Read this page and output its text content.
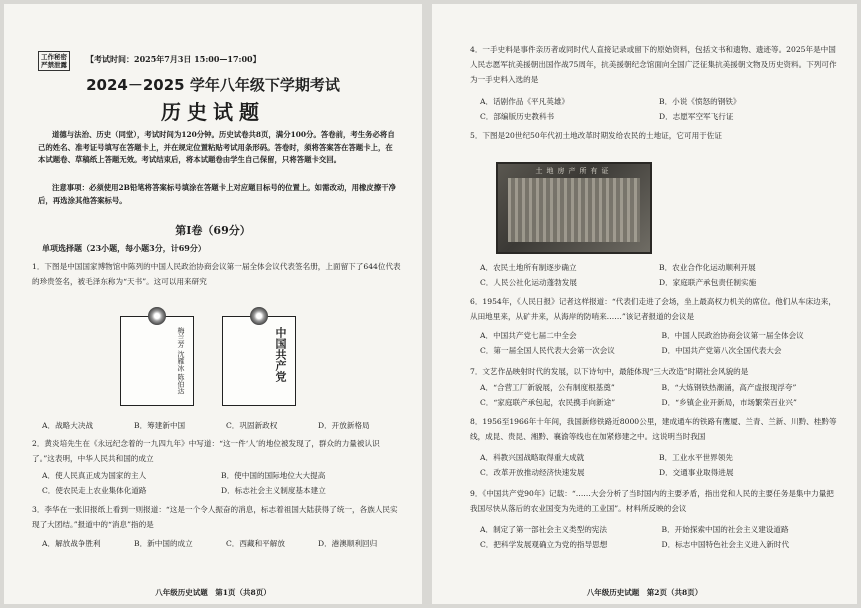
工作秘密
严禁泄露
【考试时间：2025年7月3日 15:00—17:00】
2024－2025 学年八年级下学期考试
历史试题
道德与法治、历史（同堂），考试时间为120分钟。历史试卷共8页，满分100分。答卷前，考生务必将自己的姓名、准考证号填写在答题卡上，并在规定位置粘贴考试用条形码。答卷时，须将答案答在答题卡上，在本试题卷、草稿纸上答题无效。考试结束后，将本试题卷由学生自己保留，只将答题卡交回。
注意事项：必须使用2B铅笔将答案标号填涂在答题卡上对应题目标号的位置上。如需改动，用橡皮擦干净后，再选涂其他答案标号。
第Ⅰ卷（69分）
单项选择题（23小题，每小题3分，计69分）
1．下图是中国国家博物馆中陈列的中国人民政治协商会议第一届全体会议代表签名册，上面留下了644位代表的珍贵签名，被毛泽东称为“天书”。这可以用来研究
梅兰芳 沈雁冰 陈伯达	中国共产党
A．战略大决战	B．筹建新中国	C．巩固新政权	D．开放新格局
2．黄炎培先生在《永远纪念着的一九四九年》中写道：“这一件‘人’的地位被发现了，群众的力量被认识了。”这表明，中华人民共和国的成立
A．使人民真正成为国家的主人	B．使中国的国际地位大大提高
C．使农民走上农业集体化道路	D．标志社会主义制度基本建立
3．李华在一张旧报纸上看到一则报道：“这是一个令人振奋的消息，标志着祖国大陆获得了统一，各族人民实现了大团结。”报道中的“消息”指的是
A．解放战争胜利	B．新中国的成立	C．西藏和平解放	D．港澳顺利回归
八年级历史试题　第1页（共8页）
4．一手史料是事件亲历者或同时代人直接记录或留下的原始资料，包括文书和遗物、遗迹等。2025年是中国人民志愿军抗美援朝出国作战75周年，抗美援朝纪念馆面向全国广泛征集抗美援朝文物及历史资料。下列可作为一手史料入选的是
A．话剧作品《平凡英雄》	B．小说《愤怒的钢铁》
C．部编版历史教科书	D．志愿军空军飞行证
5．下图是20世纪50年代初土地改革时期发给农民的土地证，它可用于佐证
A．农民土地所有制逐步确立	B．农业合作化运动顺利开展
C．人民公社化运动蓬勃发展	D．家庭联产承包责任制实施
6．1954年，《人民日报》记者这样报道：“代表们走进了会场，坐上最高权力机关的席位。他们从车床边来，从田地里来，从矿井来，从海岸的防哨来……”该记者报道的会议是
A．中国共产党七届二中全会	B．中国人民政治协商会议第一届全体会议
C．第一届全国人民代表大会第一次会议	D．中国共产党第八次全国代表大会
7．文艺作品映射时代的发展，以下诗句中，最能体现“三大改造”时期社会风貌的是
A．“合营工厂新貌展，公有制度根基奠”	B．“大炼钢铁热潮涌，高产虚报现浮夸”
C．“家庭联产承包起，农民携手向新途”	D．“乡镇企业开新局，市场繁荣百业兴”
8．1956至1966年十年间，我国新修铁路近8000公里，建成通车的铁路有鹰厦、兰青、兰新、川黔、桂黔等线，成昆、贵昆、湘黔、襄渝等线也在加紧修建之中。这说明当时我国
A．科教兴国战略取得重大成就	B．工业水平世界领先
C．改革开放推动经济快速发展	D．交通事业取得进展
9．《中国共产党90年》记载：“……大会分析了当时国内的主要矛盾，指出党和人民的主要任务是集中力量把我国尽快从落后的农业国变为先进的工业国”。材料所反映的会议
A．制定了第一部社会主义类型的宪法	B．开始探索中国的社会主义建设道路
C．把科学发展观确立为党的指导思想	D．标志中国特色社会主义进入新时代
八年级历史试题　第2页（共8页）
土地房产所有证
